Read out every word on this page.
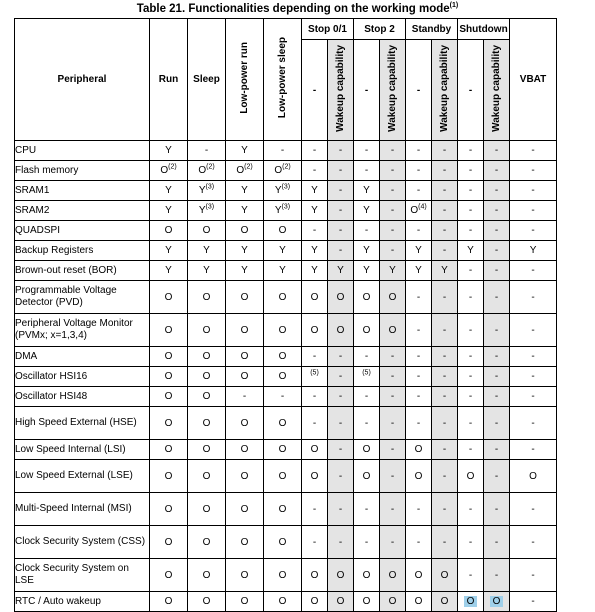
Table 21. Functionalities depending on the working mode$^{(1)}$
Peripheral	Run	Sleep	Low-power run	Low-power sleep	Stop 0/1		Stop 2		Standby		Shutdown		VBAT
					-	Wakeup capability	-	Wakeup capability	-	Wakeup capability	-	Wakeup capability	

CPU	Y	-	Y	-	-	-	-	-	-	-	-	-	-
Flash memory	$O^{(2)}$	$O^{(2)}$	$O^{(2)}$	$O^{(2)}$	-	-	-	-	-	-	-	-	-
SRAM1	Y	$Y^{(3)}$	Y	$Y^{(3)}$	Y	-	Y	-	-	-	-	-	-
SRAM2	Y	$Y^{(3)}$	Y	$Y^{(3)}$	Y	-	Y	-	$O^{(4)}$	-	-	-	-
QUADSPI	O	O	O	O	-	-	-	-	-	-	-	-	-
Backup Registers	Y	Y	Y	Y	Y	-	Y	-	Y	-	Y	-	Y
Brown-out reset (BOR)	Y	Y	Y	Y	Y	Y	Y	Y	Y	Y	-	-	-
Programmable Voltage Detector (PVD)	O	O	O	O	O	O	O	O	-	-	-	-	-
Peripheral Voltage Monitor (PVMx; x=1,3,4)	O	O	O	O	O	O	O	O	-	-	-	-	-
DMA	O	O	O	O	-	-	-	-	-	-	-	-	-
Oscillator HSI16	O	O	O	O	$^{(5)}$	-	$^{(5)}$	-	-	-	-	-	-
Oscillator HSI48	O	O	-	-	-	-	-	-	-	-	-	-	-
High Speed External (HSE)	O	O	O	O	-	-	-	-	-	-	-	-	-
Low Speed Internal (LSI)	O	O	O	O	O	-	O	-	O	-	-	-	-
Low Speed External (LSE)	O	O	O	O	O	-	O	-	O	-	O	-	O
Multi-Speed Internal (MSI)	O	O	O	O	-	-	-	-	-	-	-	-	-
Clock Security System (CSS)	O	O	O	O	-	-	-	-	-	-	-	-	-
Clock Security System on LSE	O	O	O	O	O	O	O	O	O	O	-	-	-
RTC / Auto wakeup	O	O	O	O	O	O	O	O	O	O	O	O	-
